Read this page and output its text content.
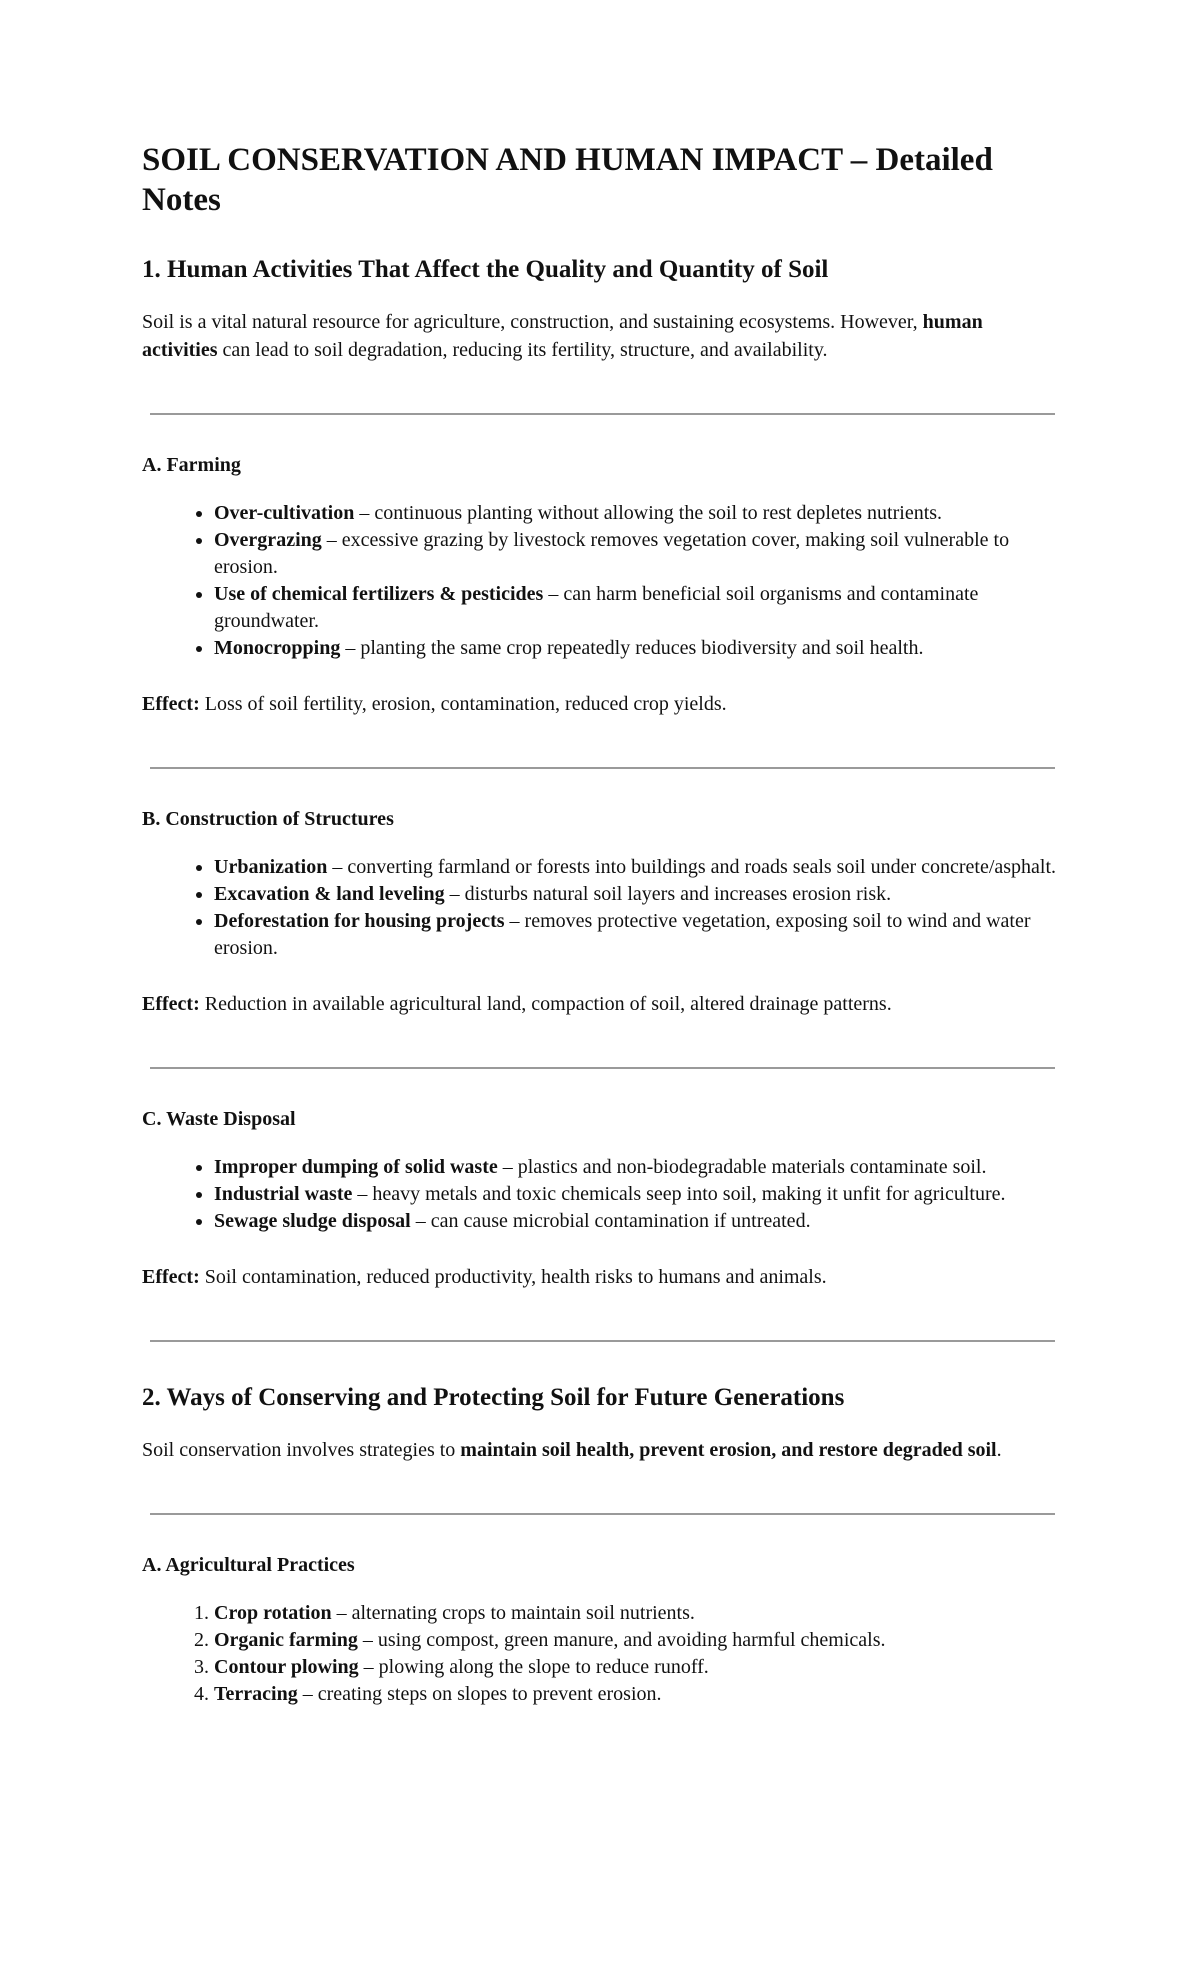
SOIL CONSERVATION AND HUMAN IMPACT – Detailed Notes
1. Human Activities That Affect the Quality and Quantity of Soil

Soil is a vital natural resource for agriculture, construction, and sustaining ecosystems. However, human activities can lead to soil degradation, reducing its fertility, structure, and availability.

A. Farming
• Over-cultivation – continuous planting without allowing the soil to rest depletes nutrients.
• Overgrazing – excessive grazing by livestock removes vegetation cover, making soil vulnerable to erosion.
• Use of chemical fertilizers & pesticides – can harm beneficial soil organisms and contaminate groundwater.
• Monocropping – planting the same crop repeatedly reduces biodiversity and soil health.

Effect: Loss of soil fertility, erosion, contamination, reduced crop yields.

B. Construction of Structures
• Urbanization – converting farmland or forests into buildings and roads seals soil under concrete/asphalt.
• Excavation & land leveling – disturbs natural soil layers and increases erosion risk.
• Deforestation for housing projects – removes protective vegetation, exposing soil to wind and water erosion.

Effect: Reduction in available agricultural land, compaction of soil, altered drainage patterns.

C. Waste Disposal
• Improper dumping of solid waste – plastics and non-biodegradable materials contaminate soil.
• Industrial waste – heavy metals and toxic chemicals seep into soil, making it unfit for agriculture.
• Sewage sludge disposal – can cause microbial contamination if untreated.

Effect: Soil contamination, reduced productivity, health risks to humans and animals.

2. Ways of Conserving and Protecting Soil for Future Generations

Soil conservation involves strategies to maintain soil health, prevent erosion, and restore degraded soil.

A. Agricultural Practices
1. Crop rotation – alternating crops to maintain soil nutrients.
2. Organic farming – using compost, green manure, and avoiding harmful chemicals.
3. Contour plowing – plowing along the slope to reduce runoff.
4. Terracing – creating steps on slopes to prevent erosion.
